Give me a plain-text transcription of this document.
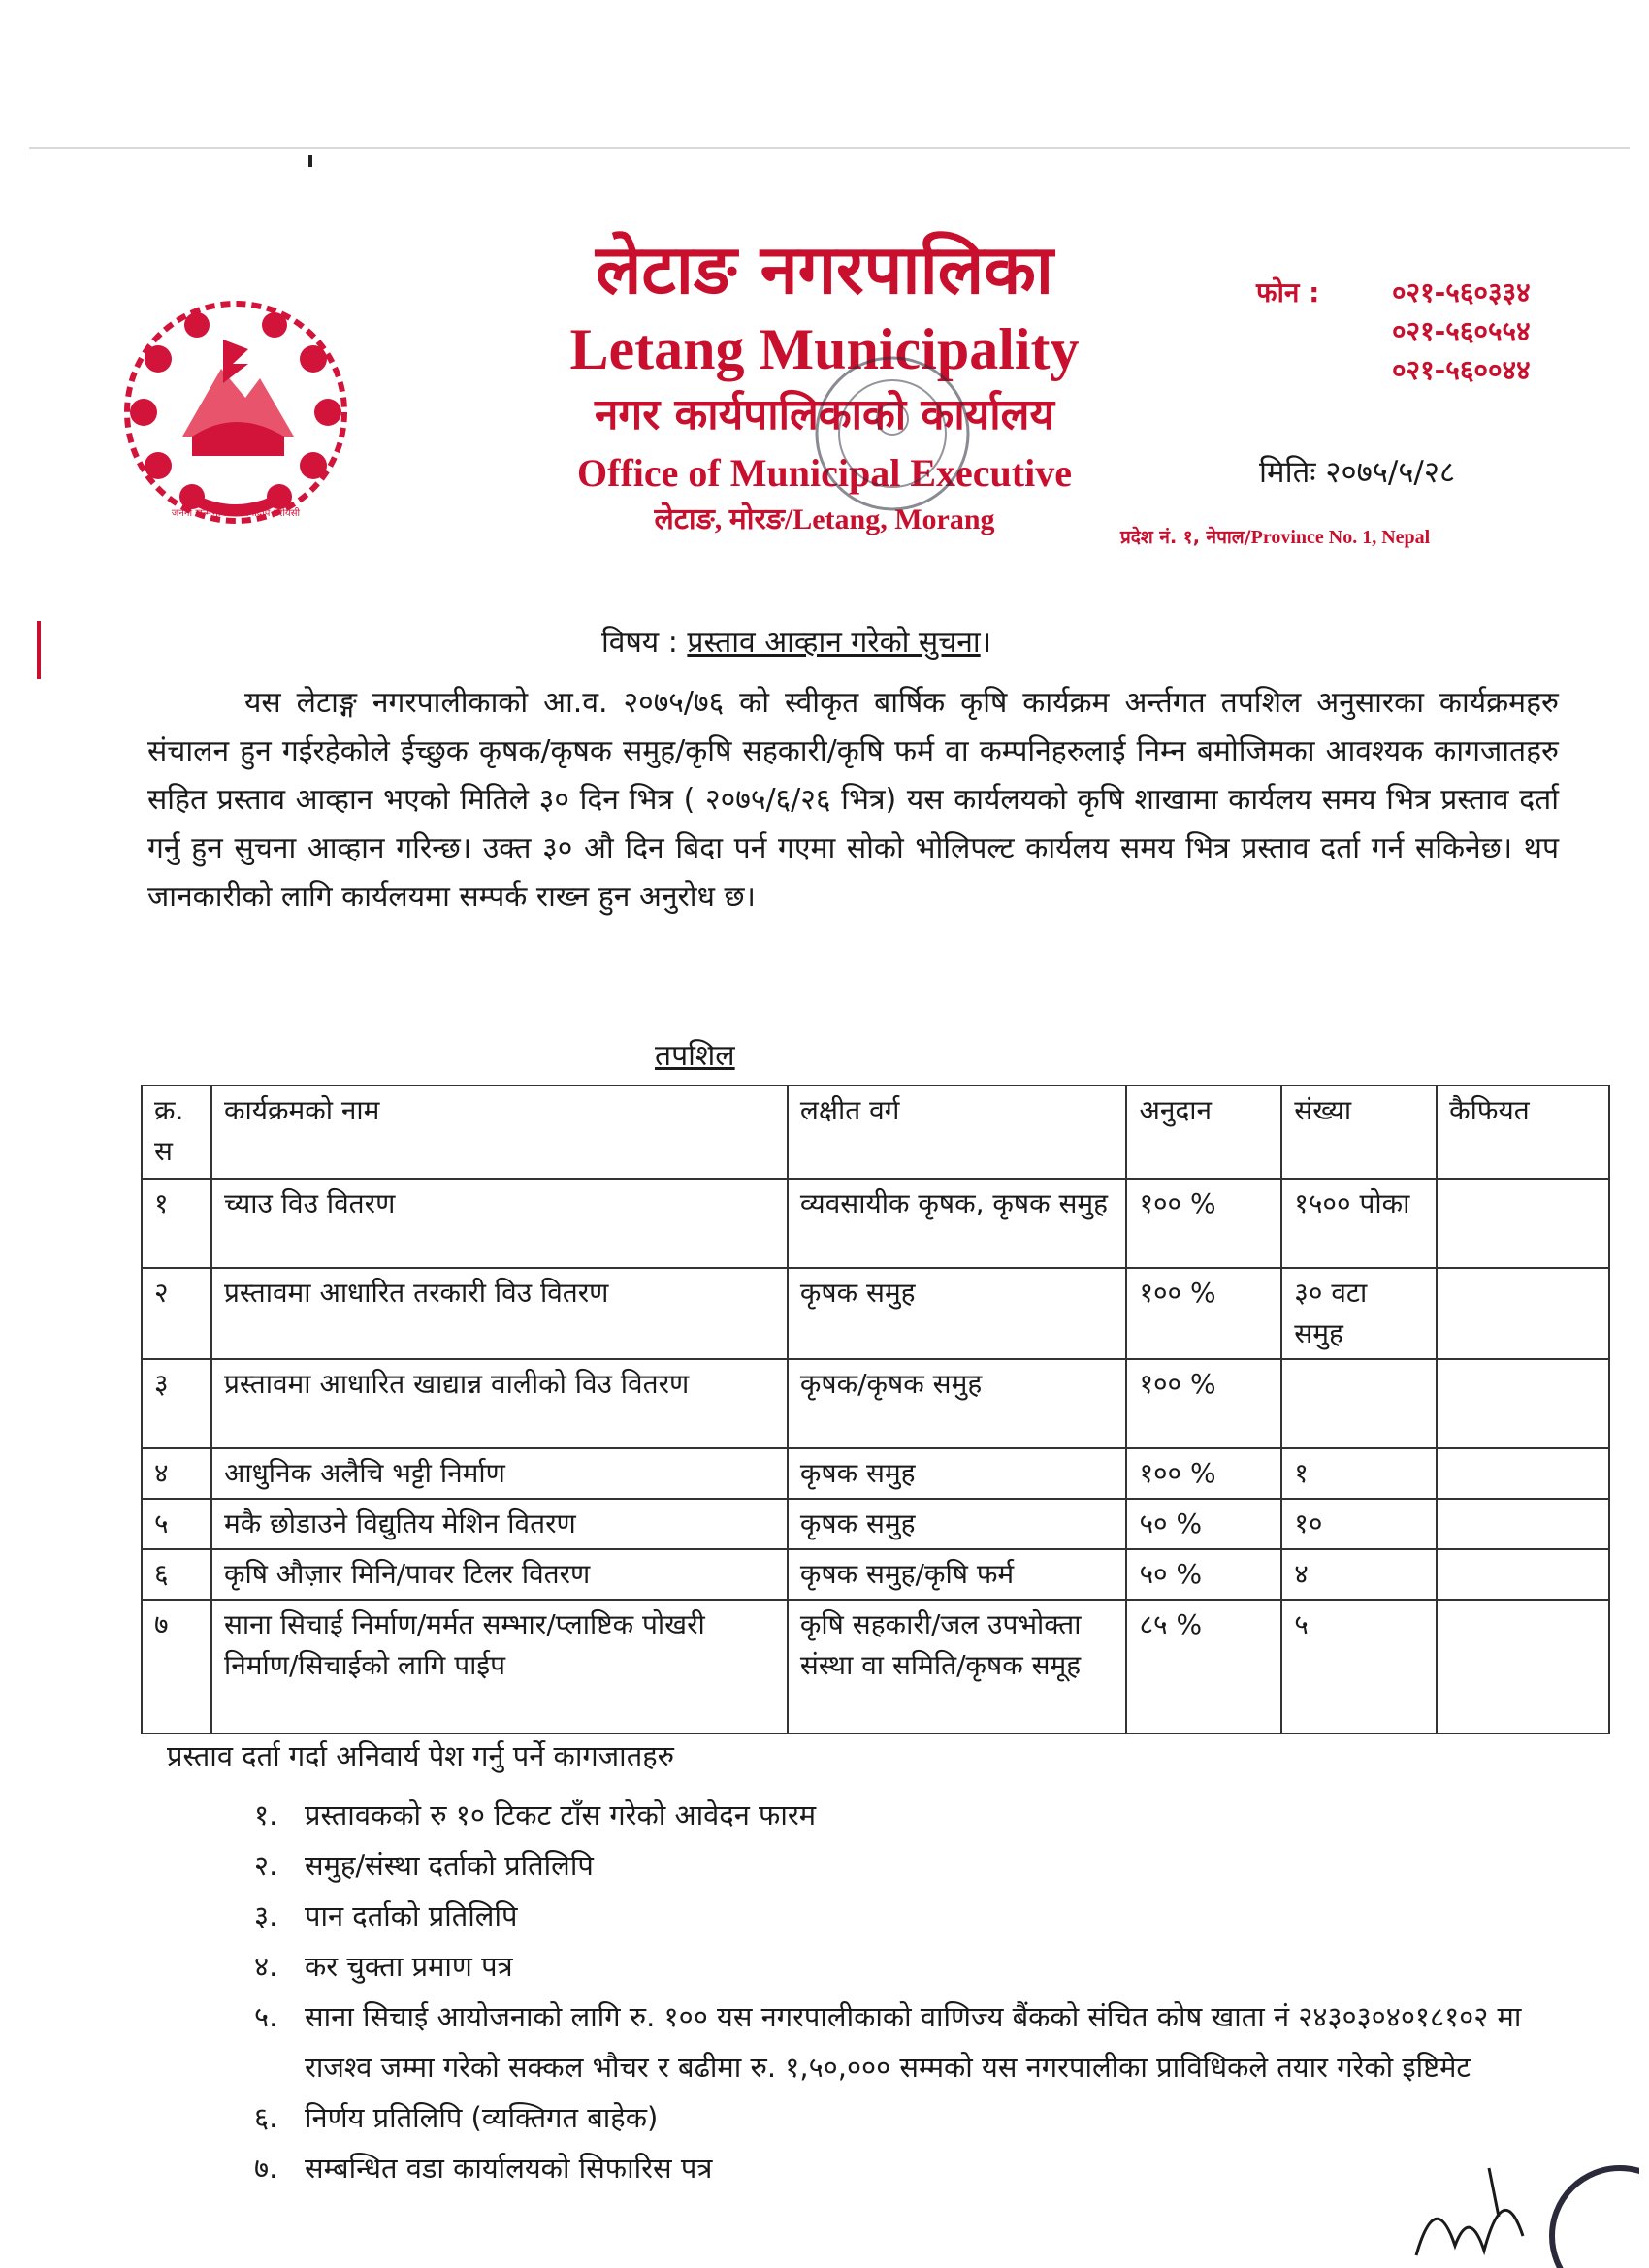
जननी जन्मभूमिश्च स्वर्गादपि गरीयसी
लेटाङ नगरपालिका
Letang Municipality
नगर कार्यपालिकाको कार्यालय
Office of Municipal Executive
लेटाङ, मोरङ/Letang, Morang
फोन :	०२१-५६०३३४
०२१-५६०५५४
०२१-५६००४४
मितिः २०७५/५/२८
प्रदेश नं. १, नेपाल/Province No. 1, Nepal
विषय : प्रस्ताव आव्हान गरेको सुचना।
यस लेटाङ्ग नगरपालीकाको आ.व. २०७५/७६ को स्वीकृत बार्षिक कृषि कार्यक्रम अर्न्तगत तपशिल अनुसारका कार्यक्रमहरु संचालन हुन गईरहेकोले ईच्छुक कृषक/कृषक समुह/कृषि सहकारी/कृषि फर्म वा कम्पनिहरुलाई निम्न बमोजिमका आवश्यक कागजातहरु सहित प्रस्ताव आव्हान भएको मितिले ३० दिन भित्र ( २०७५/६/२६ भित्र) यस कार्यलयको कृषि शाखामा कार्यलय समय भित्र प्रस्ताव दर्ता गर्नु हुन सुचना आव्हान गरिन्छ। उक्त ३० औ दिन बिदा पर्न गएमा सोको भोलिपल्ट कार्यलय समय भित्र प्रस्ताव दर्ता गर्न सकिनेछ। थप जानकारीको लागि कार्यलयमा सम्पर्क राख्न हुन अनुरोध छ।
तपशिल
क्र. स	कार्यक्रमको नाम	लक्षीत वर्ग	अनुदान	संख्या	कैफियत
१	च्याउ विउ वितरण	व्यवसायीक कृषक, कृषक समुह	१०० %	१५०० पोका	
२	प्रस्तावमा आधारित तरकारी विउ वितरण	कृषक समुह	१०० %	३० वटा समुह	
३	प्रस्तावमा आधारित खाद्यान्न वालीको विउ वितरण	कृषक/कृषक समुह	१०० %		
४	आधुनिक अलैचि भट्टी निर्माण	कृषक समुह	१०० %	१	
५	मकै छोडाउने विद्युतिय मेशिन वितरण	कृषक समुह	५० %	१०	
६	कृषि औज़ार मिनि/पावर टिलर वितरण	कृषक समुह/कृषि फर्म	५० %	४	
७	साना सिचाई निर्माण/मर्मत सम्भार/प्लाष्टिक पोखरी निर्माण/सिचाईको लागि पाईप	कृषि सहकारी/जल उपभोक्ता संस्था वा समिति/कृषक समूह	८५ %	५	
प्रस्ताव दर्ता गर्दा अनिवार्य पेश गर्नु पर्ने कागजातहरु
१. प्रस्तावकको रु १० टिकट टाँस गरेको आवेदन फारम
२. समुह/संस्था दर्ताको प्रतिलिपि
३. पान दर्ताको प्रतिलिपि
४. कर चुक्ता प्रमाण पत्र
५. साना सिचाई आयोजनाको लागि रु. १०० यस नगरपालीकाको वाणिज्य बैंकको संचित कोष खाता नं २४३०३०४०१८१०२ मा राजश्व जम्मा गरेको सक्कल भौचर र बढीमा रु. १,५०,००० सम्मको यस नगरपालीका प्राविधिकले तयार गरेको इष्टिमेट
६. निर्णय प्रतिलिपि (व्यक्तिगत बाहेक)
७. सम्बन्धित वडा कार्यालयको सिफारिस पत्र
